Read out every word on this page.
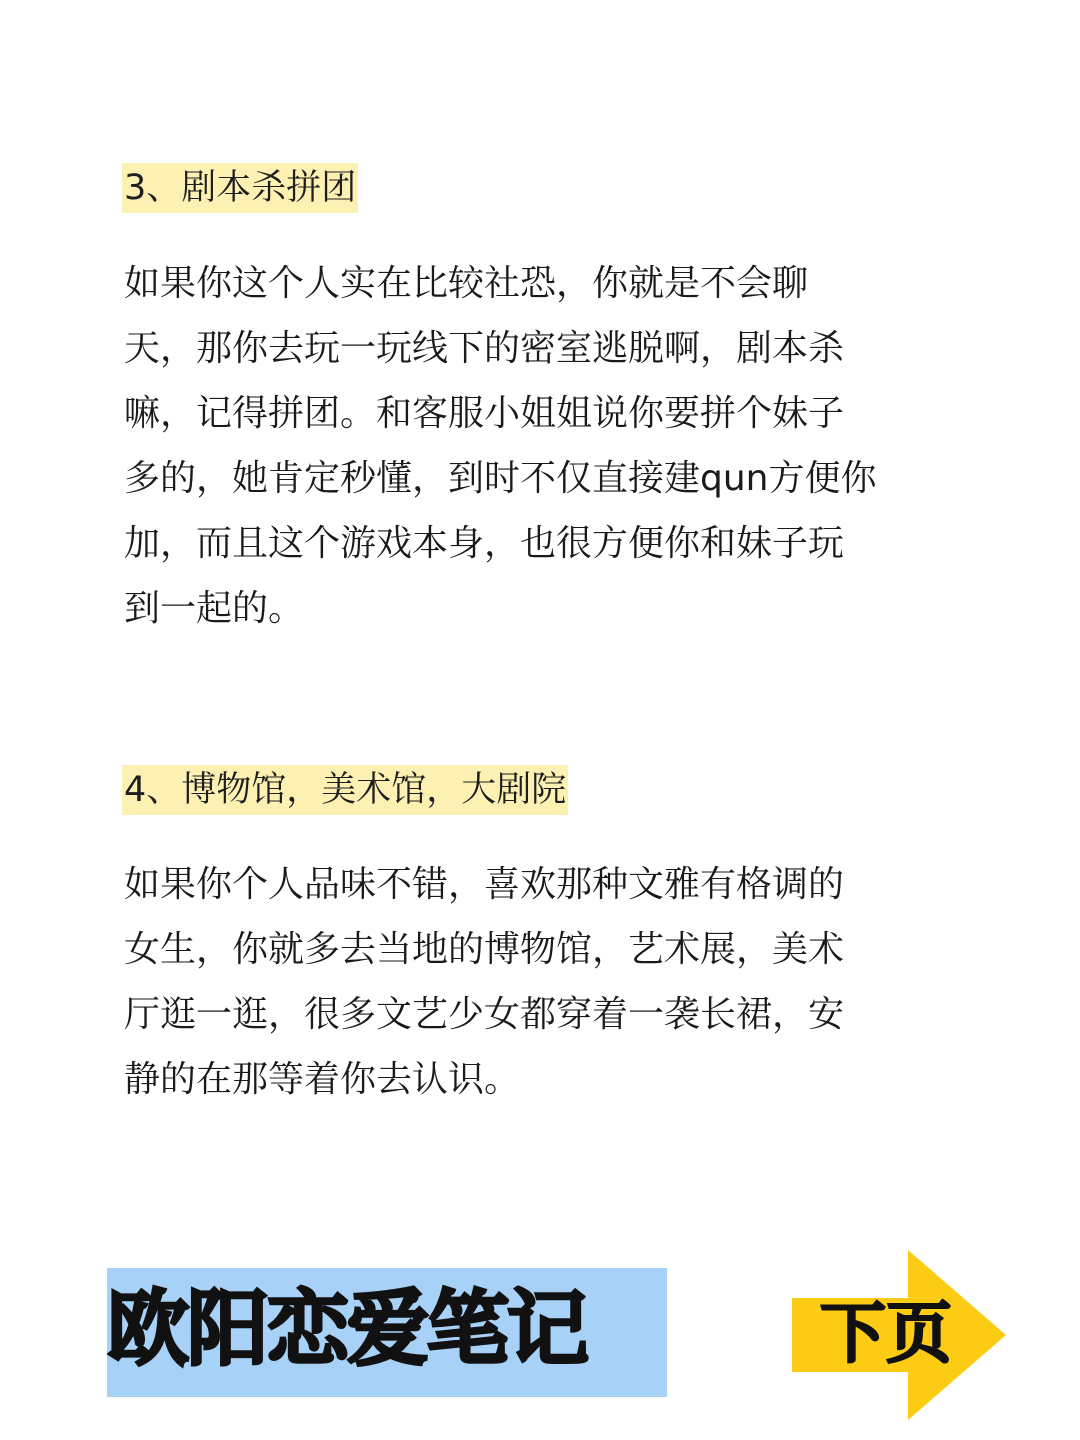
3、剧本杀拼团
如果你这个人实在比较社恐，你就是不会聊
天，那你去玩一玩线下的密室逃脱啊，剧本杀
嘛，记得拼团。和客服小姐姐说你要拼个妹子
多的，她肯定秒懂，到时不仅直接建qun方便你
加，而且这个游戏本身，也很方便你和妹子玩
到一起的。
4、博物馆，美术馆，大剧院
如果你个人品味不错，喜欢那种文雅有格调的
女生，你就多去当地的博物馆，艺术展，美术
厅逛一逛，很多文艺少女都穿着一袭长裙，安
静的在那等着你去认识。
欧阳恋爱笔记	下页
